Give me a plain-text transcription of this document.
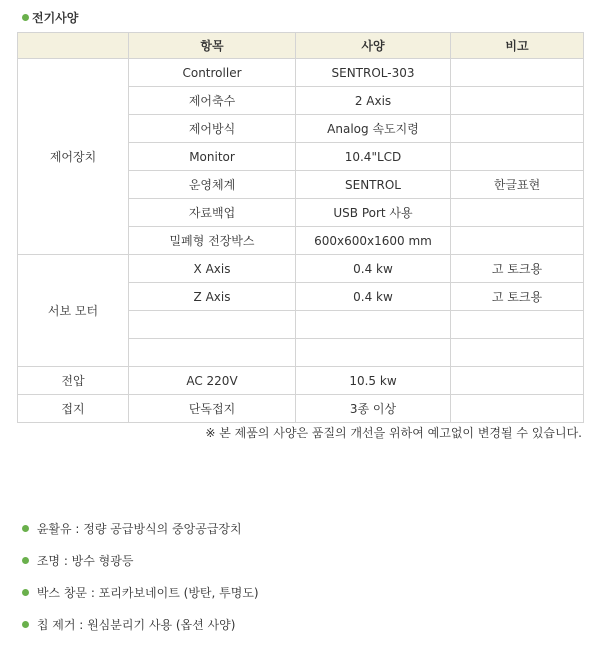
전기사양
	항목	사양	비고
제어장치	Controller	SENTROL-303	
	제어축수	2 Axis	
	제어방식	Analog 속도지령	
	Monitor	10.4"LCD	
	운영체계	SENTROL	한글표현
	자료백업	USB Port 사용	
	밀폐형 전장박스	600x600x1600 mm	
서보 모터	X Axis	0.4 kw	고 토크용
	Z Axis	0.4 kw	고 토크용

전압	AC 220V	10.5 kw	
접지	단독접지	3종 이상	
※ 본 제품의 사양은 품질의 개선을 위하여 예고없이 변경될 수 있습니다.
윤활유 : 정량 공급방식의 중앙공급장치
조명 : 방수 형광등
박스 창문 : 포리카보네이트 (방탄, 투명도)
칩 제거 : 원심분리기 사용 (옵션 사양)
